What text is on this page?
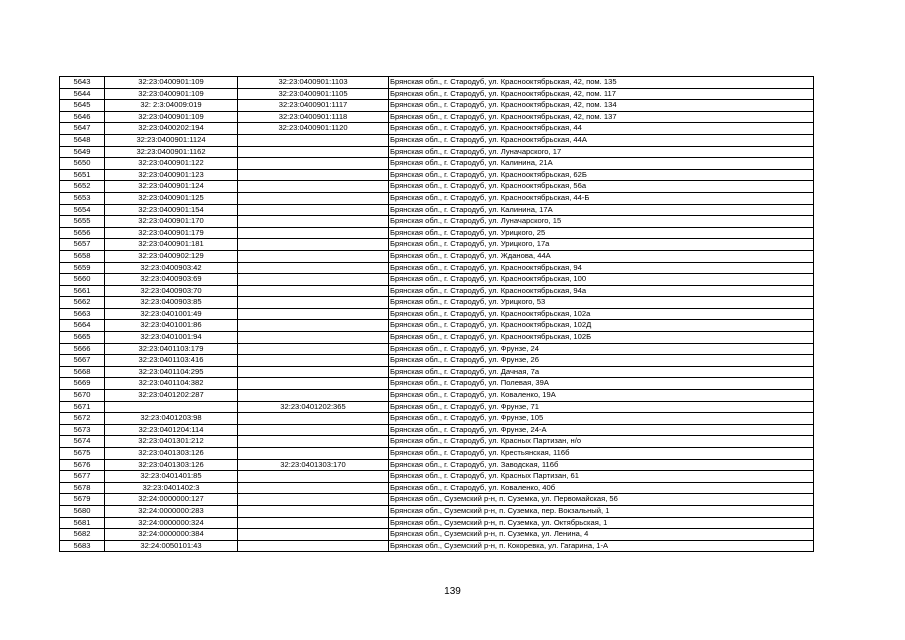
5643	32:23:0400901:109	32:23:0400901:1103	Брянская обл., г. Стародуб, ул. Краснооктябрьская, 42, пом. 135
5644	32:23:0400901:109	32:23:0400901:1105	Брянская обл., г. Стародуб, ул. Краснооктябрьская, 42, пом. 117
5645	32: 2:3:04009:019	32:23:0400901:1117	Брянская обл., г. Стародуб, ул. Краснооктябрьская, 42, пом. 134
5646	32:23:0400901:109	32:23:0400901:1118	Брянская обл., г. Стародуб, ул. Краснооктябрьская, 42, пом. 137
5647	32:23:0400202:194	32:23:0400901:1120	Брянская обл., г. Стародуб, ул. Краснооктябрьская, 44
5648	32:23:0400901:1124		Брянская обл., г. Стародуб, ул. Краснооктябрьская, 44А
5649	32:23:0400901:1162		Брянская обл., г. Стародуб, ул. Луначарского, 17
5650	32:23:0400901:122		Брянская обл., г. Стародуб, ул. Калинина, 21А
5651	32:23:0400901:123		Брянская обл., г. Стародуб, ул. Краснооктябрьская, 62Б
5652	32:23:0400901:124		Брянская обл., г. Стародуб, ул. Краснооктябрьская, 56а
5653	32:23:0400901:125		Брянская обл., г. Стародуб, ул. Краснооктябрьская, 44-Б
5654	32:23:0400901:154		Брянская обл., г. Стародуб, ул. Калинина, 17А
5655	32:23:0400901:170		Брянская обл., г. Стародуб, ул. Луначарского, 15
5656	32:23:0400901:179		Брянская обл., г. Стародуб, ул. Урицкого, 25
5657	32:23:0400901:181		Брянская обл., г. Стародуб, ул. Урицкого, 17а
5658	32:23:0400902:129		Брянская обл., г. Стародуб, ул. Жданова, 44А
5659	32:23:0400903:42		Брянская обл., г. Стародуб, ул. Краснооктябрьская, 94
5660	32:23:0400903:69		Брянская обл., г. Стародуб, ул. Краснооктябрьская, 100
5661	32:23:0400903:70		Брянская обл., г. Стародуб, ул. Краснооктябрьская, 94а
5662	32:23:0400903:85		Брянская обл., г. Стародуб, ул. Урицкого, 53
5663	32:23:0401001:49		Брянская обл., г. Стародуб, ул. Краснооктябрьская, 102а
5664	32:23:0401001:86		Брянская обл., г. Стародуб, ул. Краснооктябрьская, 102Д
5665	32:23:0401001:94		Брянская обл., г. Стародуб, ул. Краснооктябрьская, 102Б
5666	32:23:0401103:179		Брянская обл., г. Стародуб, ул. Фрунзе, 24
5667	32:23:0401103:416		Брянская обл., г. Стародуб, ул. Фрунзе, 26
5668	32:23:0401104:295		Брянская обл., г. Стародуб, ул. Дачная, 7а
5669	32:23:0401104:382		Брянская обл., г. Стародуб, ул. Полевая, 39А
5670	32:23:0401202:287		Брянская обл., г. Стародуб, ул. Коваленко, 19А
5671		32:23:0401202:365	Брянская обл., г. Стародуб, ул. Фрунзе, 71
5672	32:23:0401203:98		Брянская обл., г. Стародуб, ул. Фрунзе, 105
5673	32:23:0401204:114		Брянская обл., г. Стародуб, ул. Фрунзе, 24-А
5674	32:23:0401301:212		Брянская обл., г. Стародуб, ул. Красных Партизан, н/о
5675	32:23:0401303:126		Брянская обл., г. Стародуб, ул. Крестьянская, 116б
5676	32:23:0401303:126	32:23:0401303:170	Брянская обл., г. Стародуб, ул. Заводская, 116б
5677	32:23:0401401:85		Брянская обл., г. Стародуб, ул. Красных Партизан, 61
5678	32:23:0401402:3		Брянская обл., г. Стародуб, ул. Коваленко, 40б
5679	32:24:0000000:127		Брянская обл., Суземский р-н, п. Суземка, ул. Первомайская, 56
5680	32:24:0000000:283		Брянская обл., Суземский р-н, п. Суземка, пер. Вокзальный, 1
5681	32:24:0000000:324		Брянская обл., Суземский р-н, п. Суземка, ул. Октябрьская, 1
5682	32:24:0000000:384		Брянская обл., Суземский р-н, п. Суземка, ул. Ленина, 4
5683	32:24:0050101:43		Брянская обл., Суземский р-н, п. Кокоревка, ул. Гагарина, 1-А
139
